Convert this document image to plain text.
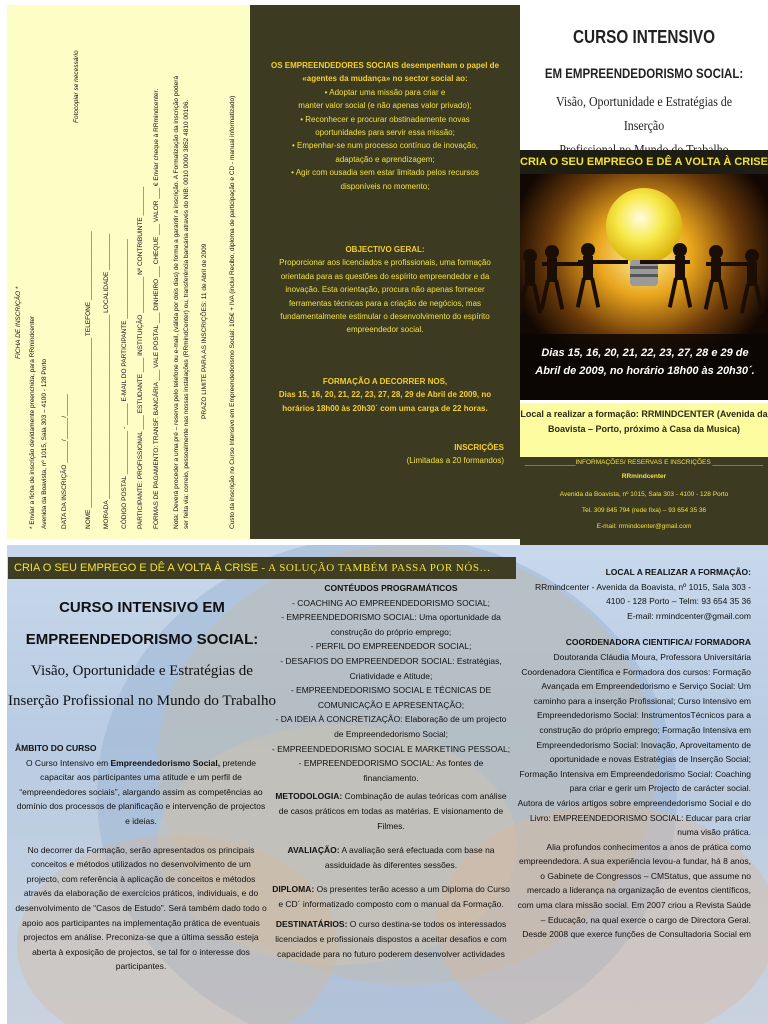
FICHA DE INSCRIÇÃO * * Enviar a ficha de inscrição devidamente preenchida, para RRmindcenter Avenida da Boavista, nº 1015, Sala 303 – 4100 - 128 Porto DATA DA INSCRIÇÃO ______/______/______	NOME _______________________________________________ TELEFONE ___________________ MORADA ___________________________________________________ LOCALIDADE __________ CÓDIGO POSTAL ____________ - ______ E-MAIL DO PARTICIPANTE ______________________ PARTICIPANTE: PROFISSIONAL ____ ESTUDANTE ____ INSTITUIÇÃO __________ Nº CONTRIBUINTE ________ FORMAS DE PAGAMENTO: TRANSF. BANCÁRIA ___ VALE POSTAL ___ DINHEIRO ___ CHEQUE ___ VALOR ___ € Enviar cheque à RRmindcenter. Nota: Deverá proceder a uma pré – reserva pelo telefone ou e-mail, (válida por dois dias) de forma a garantir a inscrição. A Formalização da inscrição poderá ser feita via: correio, pessoalmente nas nossas instalações (RRmindCenter) ou, transferência bancária através do NIB: 0010 0000 3852 4810 00196. PRAZO LIMITE PARA AS INSCRIÇÕES: 11 de Abril de 2009	Custo da inscrição no Curso Intensivo em Empreendedorismo Social: 105€ + IVA (inclui Recibo, diploma de participação e CD - manual informatizado)
Fotocopiar se necessário	OS EMPREENDEDORES SOCIAIS desempenham o papel de «agentes da mudança» no sector social ao:

• Adoptar uma missão para criar e

manter valor social (e não apenas valor privado);

• Reconhecer e procurar obstinadamente novas

oportunidades para servir essa missão;

• Empenhar-se num processo contínuo de inovação,

adaptação e aprendizagem;

• Agir com ousadia sem estar limitado pelos recursos

disponíveis no momento;

OBJECTIVO GERAL:

Proporcionar aos licenciados e profissionais, uma formação

orientada para as questões do espírito empreendedor e da

inovação. Esta orientação, procura não apenas fornecer

ferramentas técnicas para a criação de negócios, mas

fundamentalmente estimular o desenvolvimento do espírito

empreendedor social.

FORMAÇÃO A DECORRER NOS,

Dias 15, 16, 20, 21, 22, 23, 27, 28, 29 de Abril de 2009, no

horários 18h00 às 20h30´ com uma carga de 22 horas.

INSCRIÇÕES

(Limitadas a 20 formandos)

CURSO INTENSIVO
EM EMPREENDEDORISMO SOCIAL:
Visão, Oportunidade e Estratégias de Inserção
CRIA O SEU EMPREGO E DÊ A VOLTA À CRISE
Dias 15, 16, 20, 21, 22, 23, 27, 28 e 29 de Abril de 2009, no horário 18h00 às 20h30´.
Local a realizar a formação: RRMINDCENTER (Avenida da Boavista – Porto, próximo à Casa da Musica)
______________INFORMAÇÕES/ RESERVAS E INSCRIÇÕES ______________
RRmindcenter
Avenida da Boavista, nº 1015, Sala 303 - 4100 - 128 Porto
Tel. 309 845 794 (rede fixa) – 93 654 35 36
E-mail: rrmindcenter@gmail.com
CRIA O SEU EMPREGO E DÊ A VOLTA À CRISE - A SOLUÇÃO TAMBÉM PASSA POR NÓS…
CURSO INTENSIVO EM
EMPREENDEDORISMO SOCIAL:
Visão, Oportunidade e Estratégias de
Inserção Profissional no Mundo do Trabalho
ÂMBITO DO CURSO
O Curso Intensivo em Empreendedorismo Social, pretende capacitar aos participantes uma atitude e um perfil de “empreendedores sociais”, alargando assim as competências ao domínio dos processos de planificação e intervenção de projectos e ideias.
No decorrer da Formação, serão apresentados os principais conceitos e métodos utilizados no desenvolvimento de um projecto, com referência à aplicação de conceitos e métodos através da elaboração de exercícios práticos, individuais, e do desenvolvimento de “Casos de Estudo”. Será também dado todo o apoio aos participantes na implementação prática de eventuais projectos em análise. Preconiza-se que a última sessão esteja aberta à exposição de projectos, se tal for o interesse dos participantes.

CONTÉUDOS PROGRAMÁTICOS

- COACHING AO EMPREENDEDORISMO SOCIAL;

- EMPREENDEDORISMO SOCIAL: Uma oportunidade da construção do próprio emprego;

- PERFIL DO EMPREENDEDOR SOCIAL;

- DESAFIOS DO EMPREENDEDOR SOCIAL: Estratégias, Criatividade e Atitude;

- EMPREENDEDORISMO SOCIAL E TÉCNICAS DE COMUNICAÇÃO E APRESENTAÇÃO;

- DA IDEIA À CONCRETIZAÇÃO: Elaboração de um projecto de Empreendedorismo Social;

- EMPREENDEDORISMO SOCIAL E MARKETING PESSOAL;

- EMPREENDEDORISMO SOCIAL: As fontes de financiamento.

METODOLOGIA: Combinação de aulas teóricas com análise de casos práticos em todas as matérias. E visionamento de Filmes.

AVALIAÇÃO: A avaliação será efectuada com base na assiduidade às diferentes sessões.

DIPLOMA: Os presentes terão acesso a um Diploma do Curso e CD´ informatizado composto com o manual da Formação.

DESTINATÁRIOS: O curso destina-se todos os interessados licenciados e profissionais dispostos a aceitar desafios e com capacidade para no futuro poderem desenvolver actividades

LOCAL A REALIZAR A FORMAÇÃO:

RRmindcenter - Avenida da Boavista, nº 1015, Sala 303 - 4100 - 128 Porto – Telm: 93 654 35 36

E-mail: rrmindcenter@gmail.com

COORDENADORA CIENTIFICA/ FORMADORA

Doutoranda Cláudia Moura, Professora Universitária Coordenadora Científica e Formadora dos cursos: Formação Avançada em Empreendedorismo e Serviço Social: Um caminho para a inserção Profissional; Curso Intensivo em Empreendedorismo Social: InstrumentosTécnicos para a construção do próprio emprego; Formação Intensiva em Empreendedorismo Social: Inovação, Aproveitamento de oportunidade e novas Estratégias de Inserção Social; Formação Intensiva em Empreendedorismo Social: Coaching para criar e gerir um Projecto de carácter social.

Autora de vários artigos sobre empreendedorismo Social e do Livro: EMPREENDEDORISMO SOCIAL: Educar para criar numa visão prática.

Alia profundos conhecimentos a anos de prática como empreendedora. A sua experiência levou-a fundar, há 8 anos, o Gabinete de Congressos – CMStatus, que assume no mercado a liderança na organização de eventos científicos, com uma clara missão social. Em 2007 criou a Revista Saúde – Educação, na qual exerce o cargo de Directora Geral. Desde 2008 que exerce funções de Consultadoria Social em
